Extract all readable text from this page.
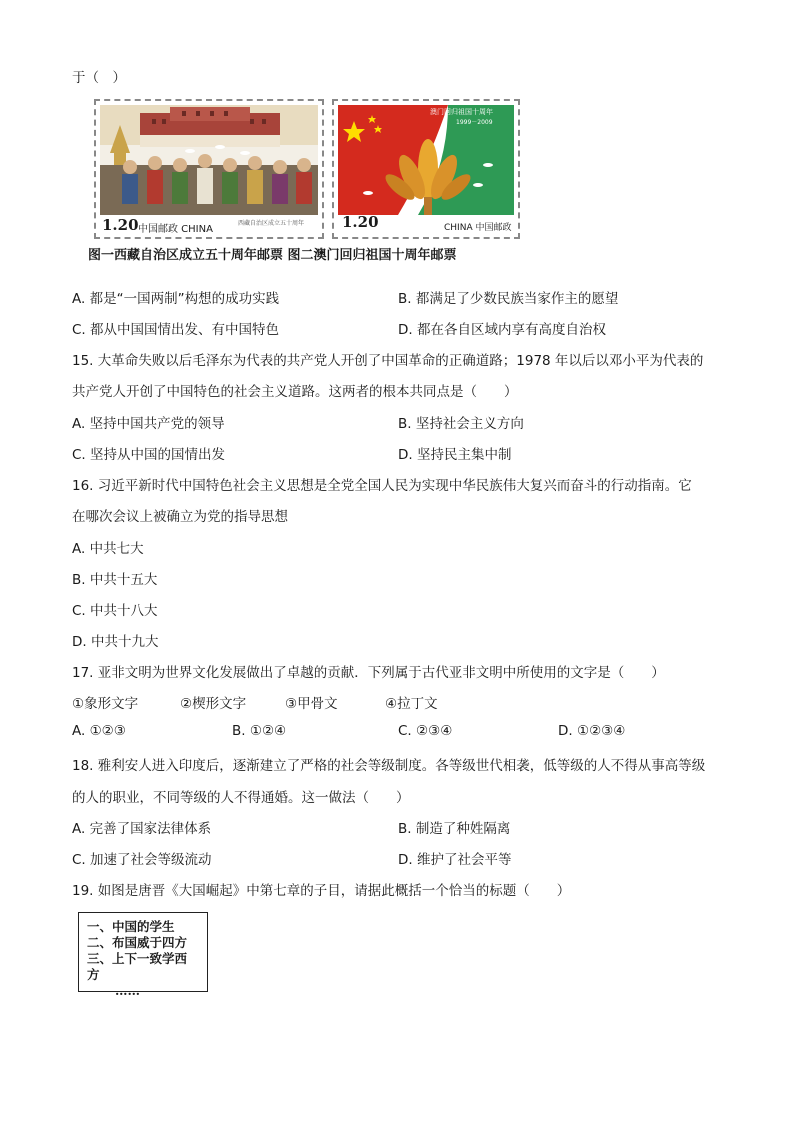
于（　）
1.20 中国邮政 CHINA
西藏自治区成立五十周年
澳门回归祖国十周年
1999－2009
1.20	CHINA 中国邮政
图一西藏自治区成立五十周年邮票 图二澳门回归祖国十周年邮票
A. 都是“一国两制”构想的成功实践	B. 都满足了少数民族当家作主的愿望
C. 都从中国国情出发、有中国特色	D. 都在各自区域内享有高度自治权
15. 大革命失败以后毛泽东为代表的共产党人开创了中国革命的正确道路；1978 年以后以邓小平为代表的
共产党人开创了中国特色的社会主义道路。这两者的根本共同点是（　　）
A. 坚持中国共产党的领导	B. 坚持社会主义方向
C. 坚持从中国的国情出发	D. 坚持民主集中制
16. 习近平新时代中国特色社会主义思想是全党全国人民为实现中华民族伟大复兴而奋斗的行动指南。它
在哪次会议上被确立为党的指导思想
A. 中共七大
B. 中共十五大
C. 中共十八大
D. 中共十九大
17. 亚非文明为世界文化发展做出了卓越的贡献．下列属于古代亚非文明中所使用的文字是（　　）
①象形文字	②楔形文字	③甲骨文	④拉丁文
A. ①②③	B. ①②④	C. ②③④	D. ①②③④
18. 雅利安人进入印度后，逐渐建立了严格的社会等级制度。各等级世代相袭，低等级的人不得从事高等级
的人的职业，不同等级的人不得通婚。这一做法（　　）
A. 完善了国家法律体系	B. 制造了种姓隔离
C. 加速了社会等级流动	D. 维护了社会平等
19. 如图是唐晋《大国崛起》中第七章的子目，请据此概括一个恰当的标题（　　）
一、中国的学生
二、布国威于四方
三、上下一致学西方
……
